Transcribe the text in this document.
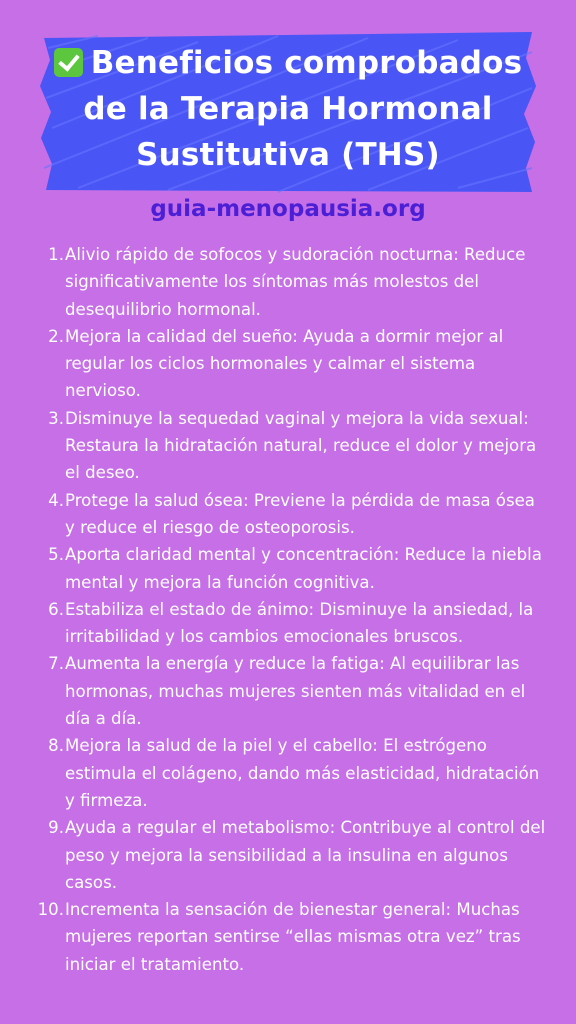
Beneficios comprobados de la Terapia Hormonal Sustitutiva (THS)
guia-menopausia.org
1. Alivio rápido de sofocos y sudoración nocturna: Reduce significativamente los síntomas más molestos del desequilibrio hormonal.
2. Mejora la calidad del sueño: Ayuda a dormir mejor al regular los ciclos hormonales y calmar el sistema nervioso.
3. Disminuye la sequedad vaginal y mejora la vida sexual: Restaura la hidratación natural, reduce el dolor y mejora el deseo.
4. Protege la salud ósea: Previene la pérdida de masa ósea y reduce el riesgo de osteoporosis.
5. Aporta claridad mental y concentración: Reduce la niebla mental y mejora la función cognitiva.
6. Estabiliza el estado de ánimo: Disminuye la ansiedad, la irritabilidad y los cambios emocionales bruscos.
7. Aumenta la energía y reduce la fatiga: Al equilibrar las hormonas, muchas mujeres sienten más vitalidad en el día a día.
8. Mejora la salud de la piel y el cabello: El estrógeno estimula el colágeno, dando más elasticidad, hidratación y firmeza.
9. Ayuda a regular el metabolismo: Contribuye al control del peso y mejora la sensibilidad a la insulina en algunos casos.
10. Incrementa la sensación de bienestar general: Muchas mujeres reportan sentirse “ellas mismas otra vez” tras iniciar el tratamiento.
